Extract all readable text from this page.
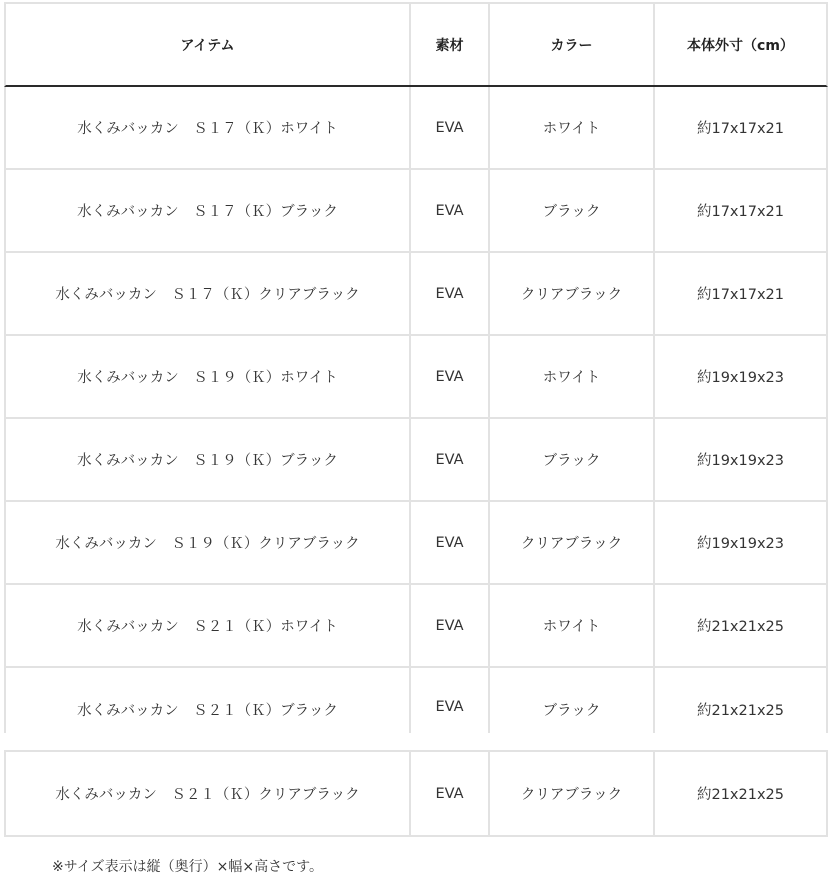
アイテム	素材	カラー	本体外寸（cm）
水くみバッカン　Ｓ１７（Ｋ）ホワイト	EVA	ホワイト	約17x17x21
水くみバッカン　Ｓ１７（Ｋ）ブラック	EVA	ブラック	約17x17x21
水くみバッカン　Ｓ１７（Ｋ）クリアブラック	EVA	クリアブラック	約17x17x21
水くみバッカン　Ｓ１９（Ｋ）ホワイト	EVA	ホワイト	約19x19x23
水くみバッカン　Ｓ１９（Ｋ）ブラック	EVA	ブラック	約19x19x23
水くみバッカン　Ｓ１９（Ｋ）クリアブラック	EVA	クリアブラック	約19x19x23
水くみバッカン　Ｓ２１（Ｋ）ホワイト	EVA	ホワイト	約21x21x25
水くみバッカン　Ｓ２１（Ｋ）ブラック	EVA	ブラック	約21x21x25
水くみバッカン　Ｓ２１（Ｋ）クリアブラック	EVA	クリアブラック	約21x21x25
※サイズ表示は縦（奥行）×幅×高さです。
